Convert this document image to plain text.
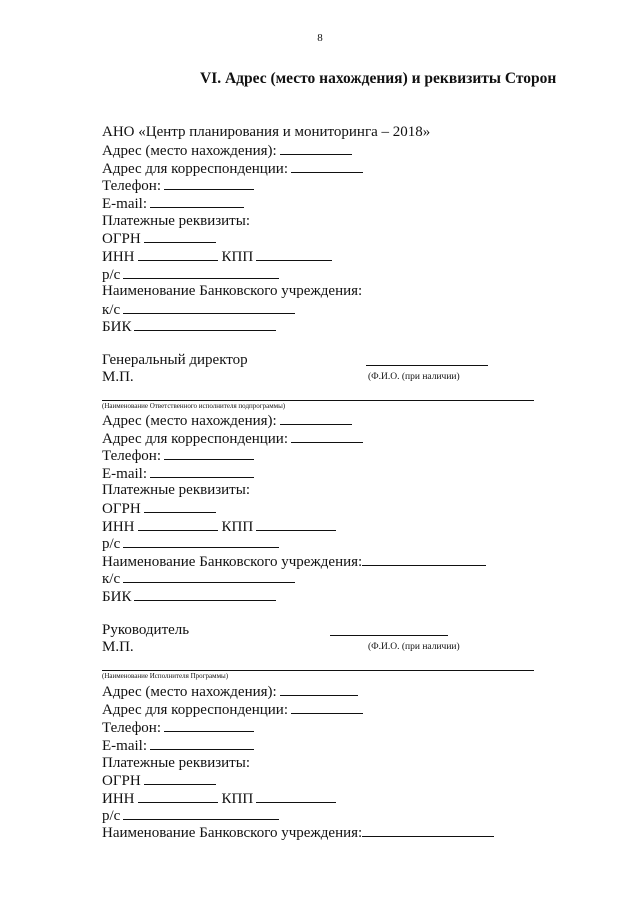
8
VI. Адрес (место нахождения) и реквизиты Сторон
АНО «Центр планирования и мониторинга – 2018»
Адрес (место нахождения):
Адрес для корреспонденции:
Телефон:
E-mail:
Платежные реквизиты:
ОГРН
ИНН	КПП
р/с
Наименование Банковского учреждения:
к/с
БИК
Генеральный директор
М.П.	(Ф.И.О. (при наличии)
(Наименование Ответственного исполнителя подпрограммы)
Адрес (место нахождения):
Адрес для корреспонденции:
Телефон:
E-mail:
Платежные реквизиты:
ОГРН
ИНН	КПП
р/с
Наименование Банковского учреждения:
к/с
БИК
Руководитель
М.П.	(Ф.И.О. (при наличии)
(Наименование Исполнителя Программы)
Адрес (место нахождения):
Адрес для корреспонденции:
Телефон:
E-mail:
Платежные реквизиты:
ОГРН
ИНН	КПП
р/с
Наименование Банковского учреждения:
